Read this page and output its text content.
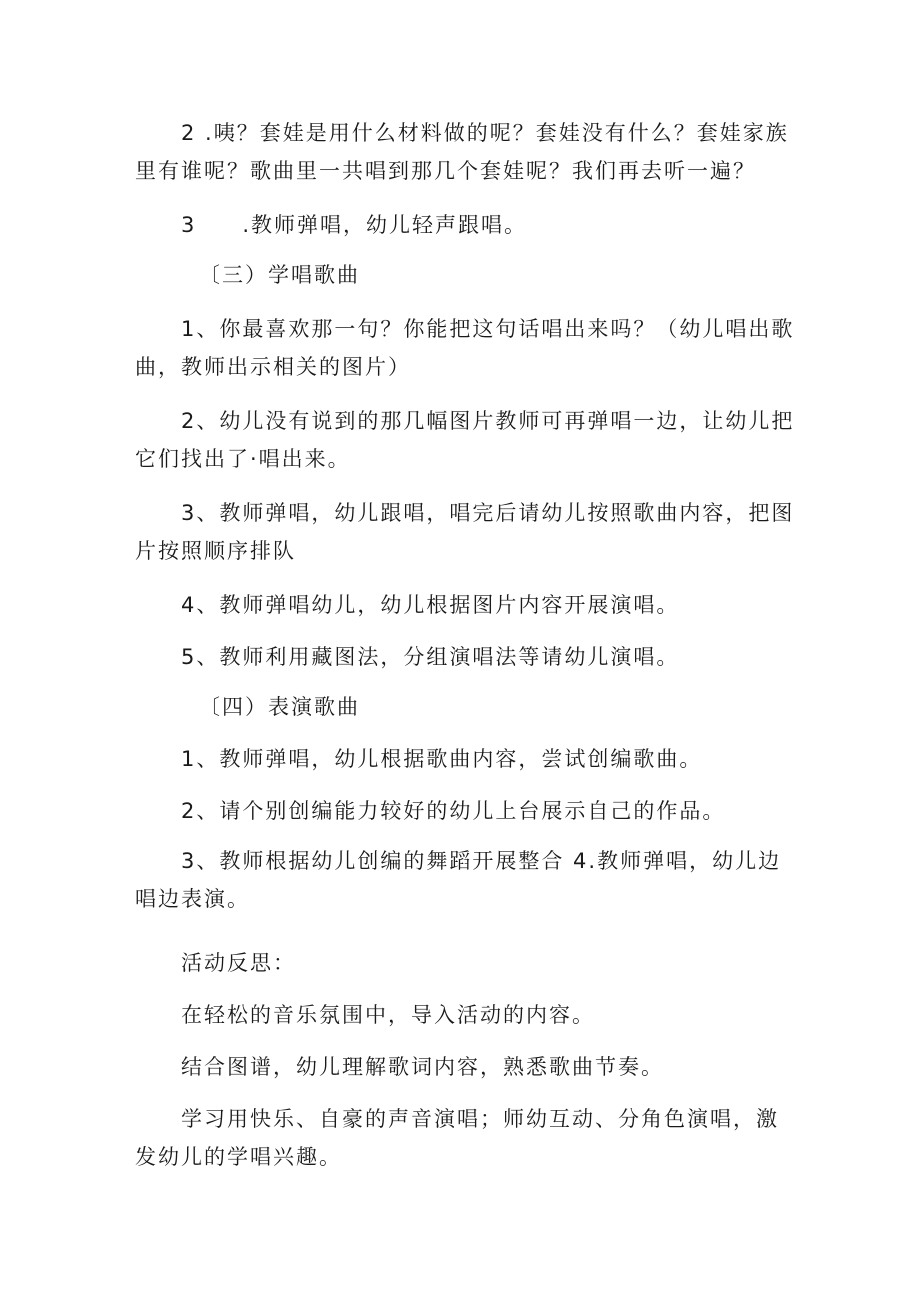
2 .咦？套娃是用什么材料做的呢？套娃没有什么？套娃家族里有谁呢？歌曲里一共唱到那几个套娃呢？我们再去听一遍？

3　　.教师弹唱，幼儿轻声跟唱。

〔三）学唱歌曲

1、你最喜欢那一句？你能把这句话唱出来吗？（幼儿唱出歌曲，教师出示相关的图片）

2、幼儿没有说到的那几幅图片教师可再弹唱一边，让幼儿把它们找出了·唱出来。

3、教师弹唱，幼儿跟唱，唱完后请幼儿按照歌曲内容，把图片按照顺序排队

4、教师弹唱幼儿，幼儿根据图片内容开展演唱。

5、教师利用藏图法，分组演唱法等请幼儿演唱。

〔四）表演歌曲

1、教师弹唱，幼儿根据歌曲内容，尝试创编歌曲。

2、请个别创编能力较好的幼儿上台展示自己的作品。

3、教师根据幼儿创编的舞蹈开展整合 4.教师弹唱，幼儿边唱边表演。

活动反思：

在轻松的音乐氛围中，导入活动的内容。

结合图谱，幼儿理解歌词内容，熟悉歌曲节奏。

学习用快乐、自豪的声音演唱；师幼互动、分角色演唱，激发幼儿的学唱兴趣。
